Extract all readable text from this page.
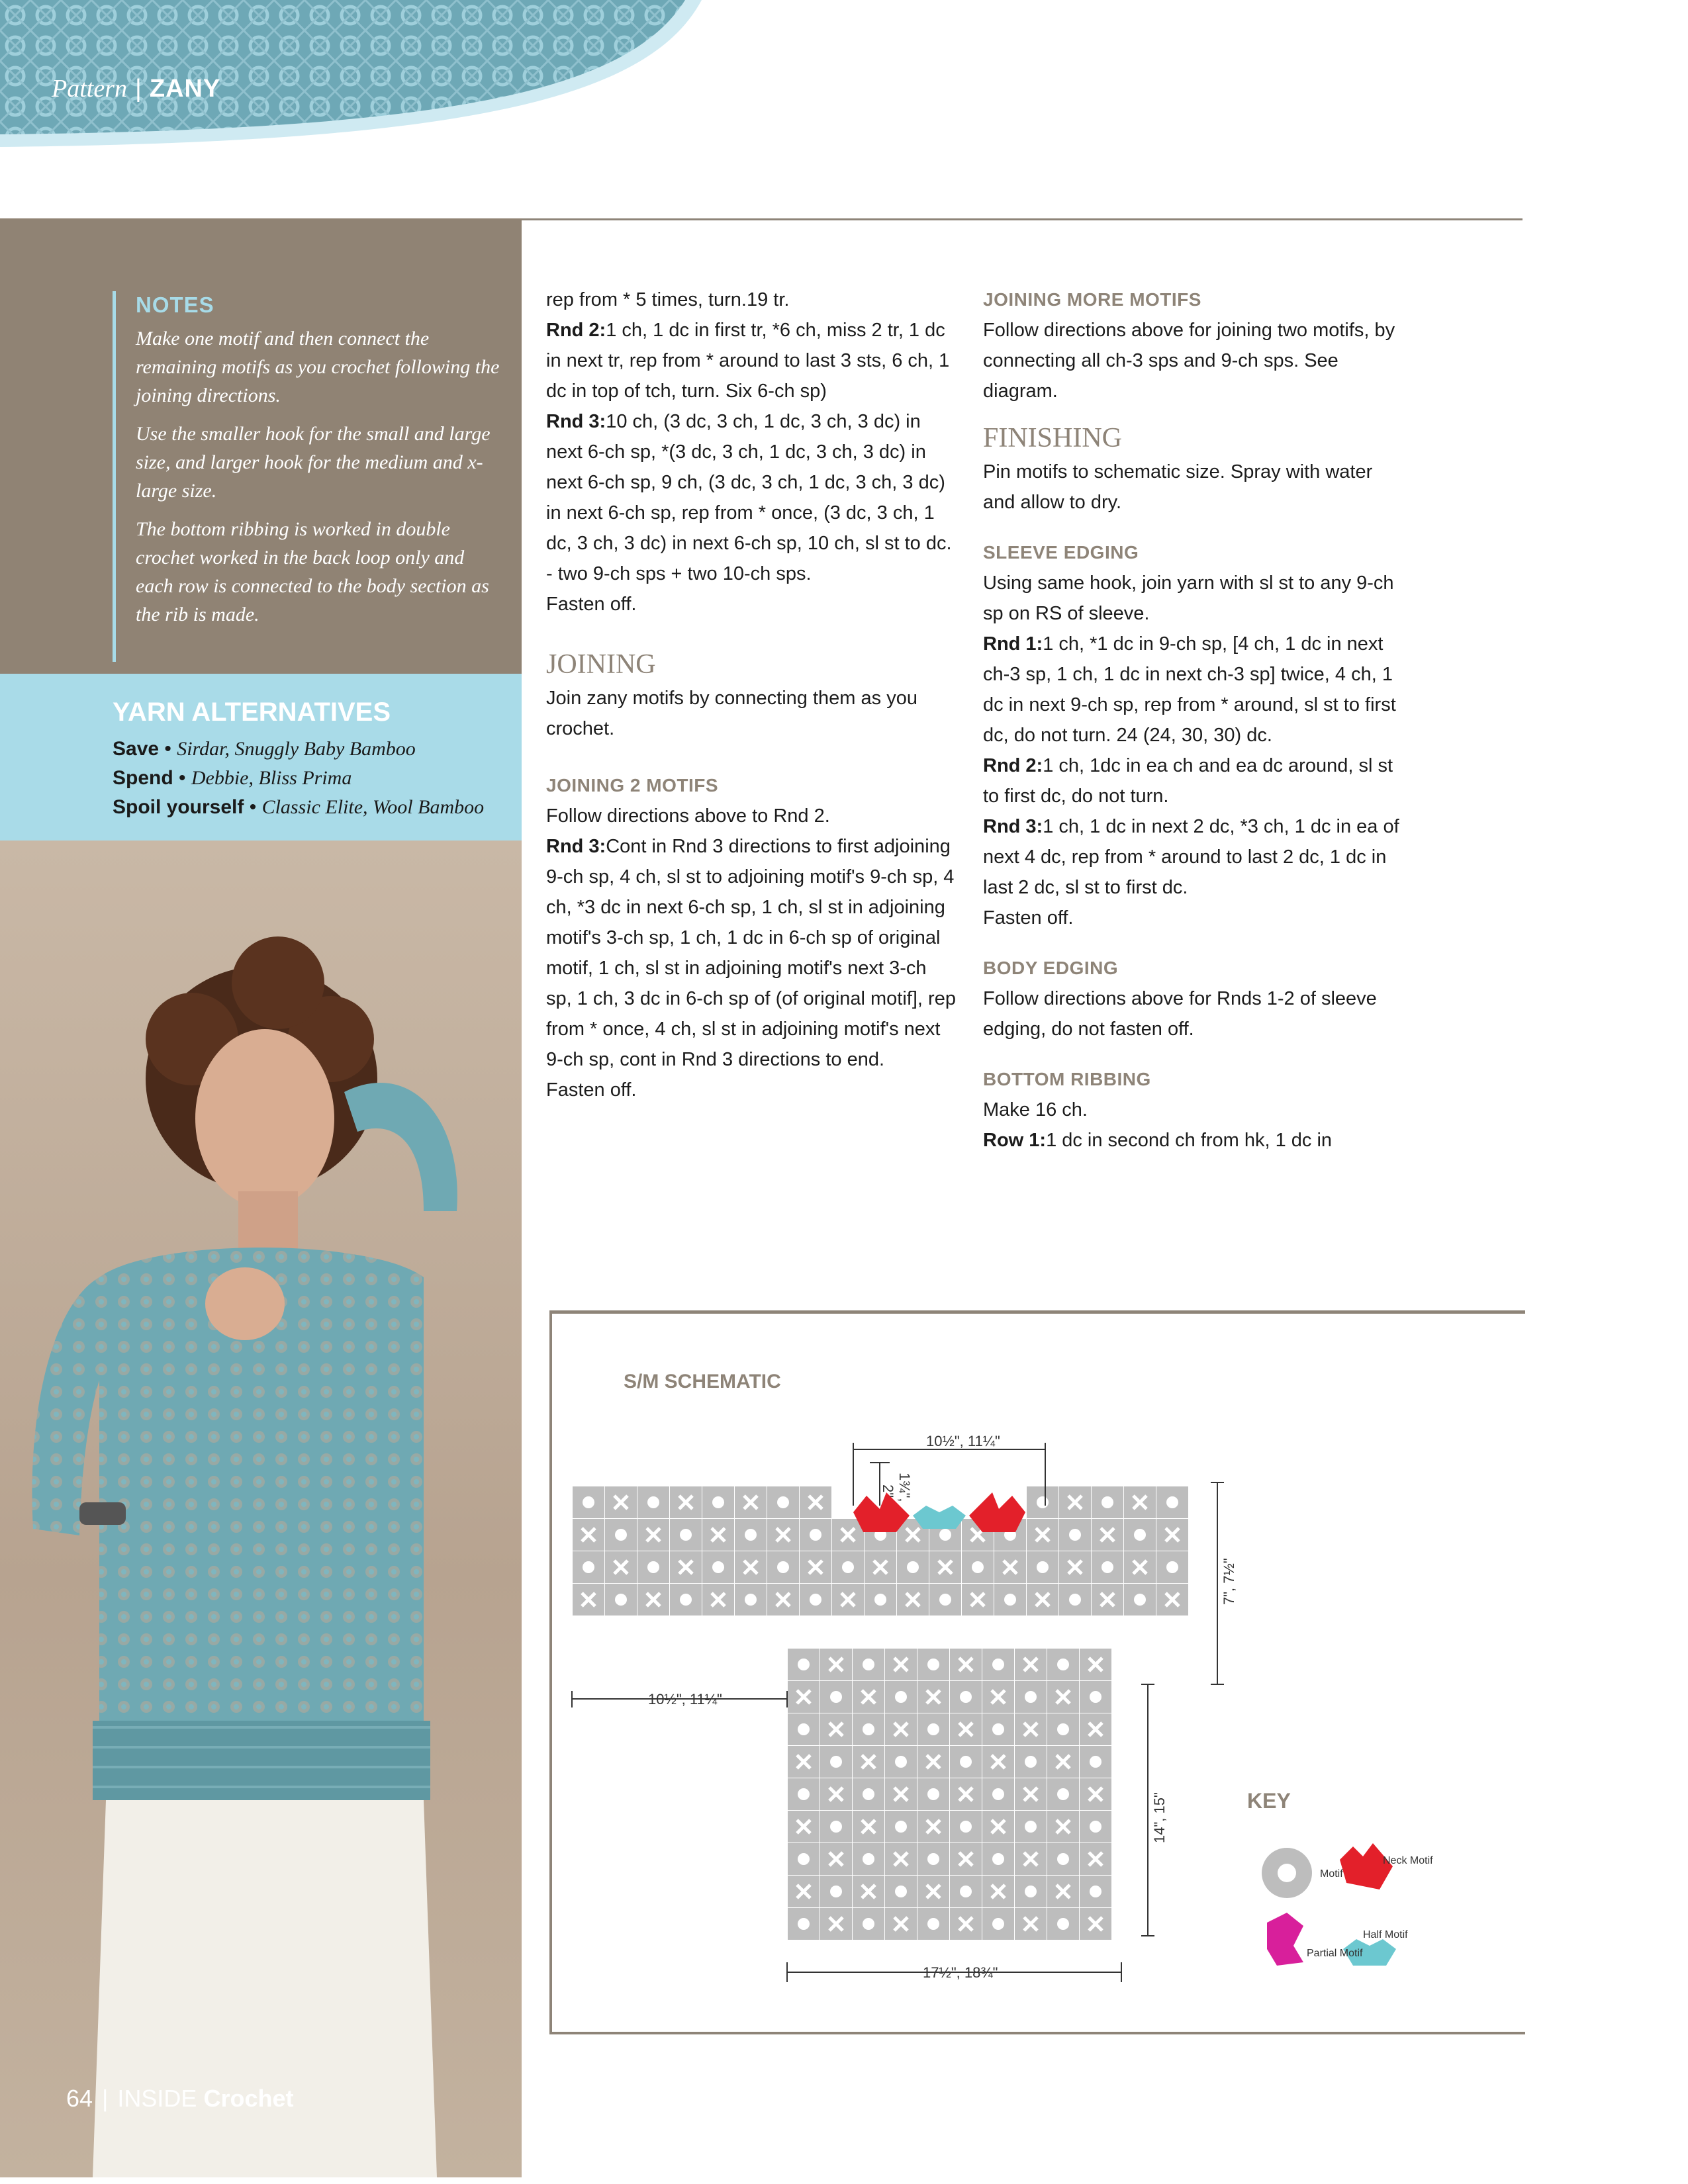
Pattern | ZANY
NOTES

Make one motif and then connect the remaining motifs as you crochet following the joining directions.

Use the smaller hook for the small and large size, and larger hook for the medium and x-large size.

The bottom ribbing is worked in double crochet worked in the back loop only and each row is connected to the body section as the rib is made.

YARN ALTERNATIVES
Save • Sirdar, Snuggly Baby Bamboo
Spend • Debbie, Bliss Prima
Spoil yourself • Classic Elite, Wool Bamboo
64 | INSIDE Crochet

rep from * 5 times, turn.19 tr.

Rnd 2:1 ch, 1 dc in first tr, *6 ch, miss 2 tr, 1 dc in next tr, rep from * around to last 3 sts, 6 ch, 1 dc in top of tch, turn. Six 6-ch sp)

Rnd 3:10 ch, (3 dc, 3 ch, 1 dc, 3 ch, 3 dc) in next 6-ch sp, *(3 dc, 3 ch, 1 dc, 3 ch, 3 dc) in next 6-ch sp, 9 ch, (3 dc, 3 ch, 1 dc, 3 ch, 3 dc) in next 6-ch sp, rep from * once, (3 dc, 3 ch, 1 dc, 3 ch, 3 dc) in next 6-ch sp, 10 ch, sl st to dc. - two 9-ch sps + two 10-ch sps.

Fasten off.

JOINING

Join zany motifs by connecting them as you crochet.

JOINING 2 MOTIFS

Follow directions above to Rnd 2.

Rnd 3:Cont in Rnd 3 directions to first adjoining 9-ch sp, 4 ch, sl st to adjoining motif's 9-ch sp, 4 ch, *3 dc in next 6-ch sp, 1 ch, sl st in adjoining motif's 3-ch sp, 1 ch, 1 dc in 6-ch sp of original motif, 1 ch, sl st in adjoining motif's next 3-ch sp, 1 ch, 3 dc in 6-ch sp of (of original motif], rep from * once, 4 ch, sl st in adjoining motif's next 9-ch sp, cont in Rnd 3 directions to end.

Fasten off.

JOINING MORE MOTIFS

Follow directions above for joining two motifs, by connecting all ch-3 sps and 9-ch sps. See diagram.

FINISHING

Pin motifs to schematic size. Spray with water and allow to dry.

SLEEVE EDGING

Using same hook, join yarn with sl st to any 9-ch sp on RS of sleeve.

Rnd 1:1 ch, *1 dc in 9-ch sp, [4 ch, 1 dc in next ch-3 sp, 1 ch, 1 dc in next ch-3 sp] twice, 4 ch, 1 dc in next 9-ch sp, rep from * around, sl st to first dc, do not turn. 24 (24, 30, 30) dc.

Rnd 2:1 ch, 1dc in ea ch and ea dc around, sl st to first dc, do not turn.

Rnd 3:1 ch, 1 dc in next 2 dc, *3 ch, 1 dc in ea of next 4 dc, rep from * around to last 2 dc, 1 dc in last 2 dc, sl st to first dc.

Fasten off.

BODY EDGING

Follow directions above for Rnds 1-2 of sleeve edging, do not fasten off.

BOTTOM RIBBING

Make 16 ch.

Row 1:1 dc in second ch from hk, 1 dc in

S/M SCHEMATIC
10½", 11¼"
1¾",
2"
10½", 11¼"
7", 7½"
14", 15"
17½", 18¾"
KEY
Motif
Neck Motif
Partial Motif
Half Motif
